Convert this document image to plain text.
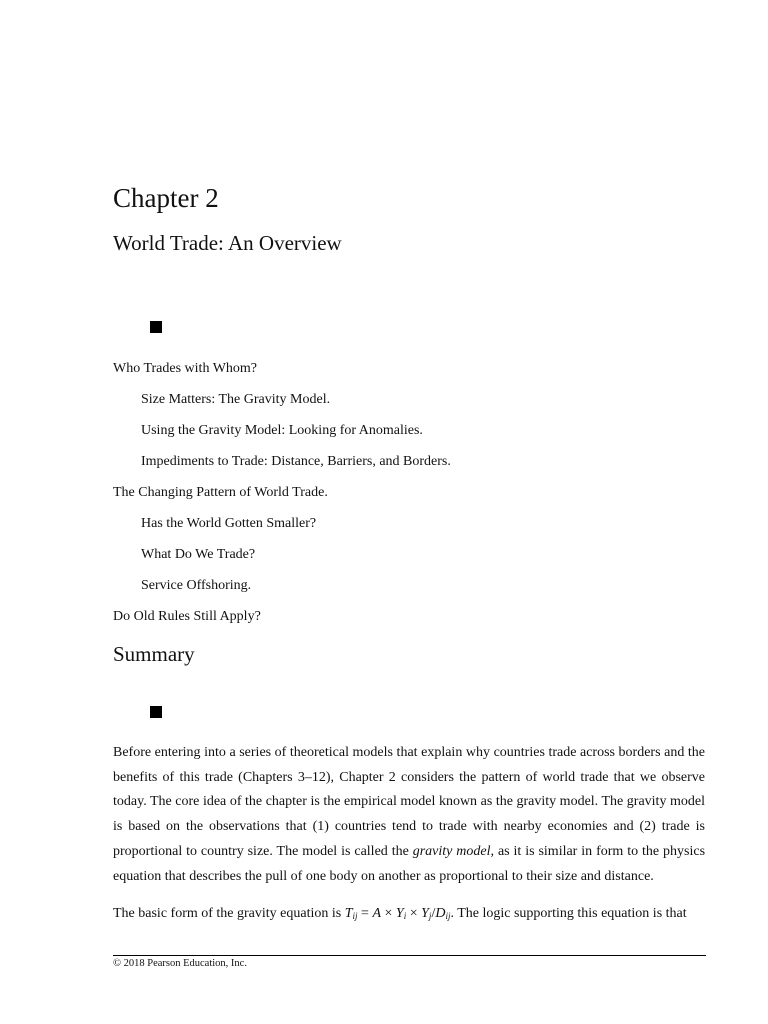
Chapter 2
World Trade: An Overview
Who Trades with Whom?
Size Matters: The Gravity Model.
Using the Gravity Model: Looking for Anomalies.
Impediments to Trade: Distance, Barriers, and Borders.
The Changing Pattern of World Trade.
Has the World Gotten Smaller?
What Do We Trade?
Service Offshoring.
Do Old Rules Still Apply?
Summary

Before entering into a series of theoretical models that explain why countries trade across borders and the benefits of this trade (Chapters 3–12), Chapter 2 considers the pattern of world trade that we observe today. The core idea of the chapter is the empirical model known as the gravity model. The gravity model is based on the observations that (1) countries tend to trade with nearby economies and (2) trade is proportional to country size. The model is called the gravity model, as it is similar in form to the physics equation that describes the pull of one body on another as proportional to their size and distance.

The basic form of the gravity equation is $T_{ij} = A \times Y_i \times Y_j/D_{ij}$. The logic supporting this equation is that

© 2018 Pearson Education, Inc.
